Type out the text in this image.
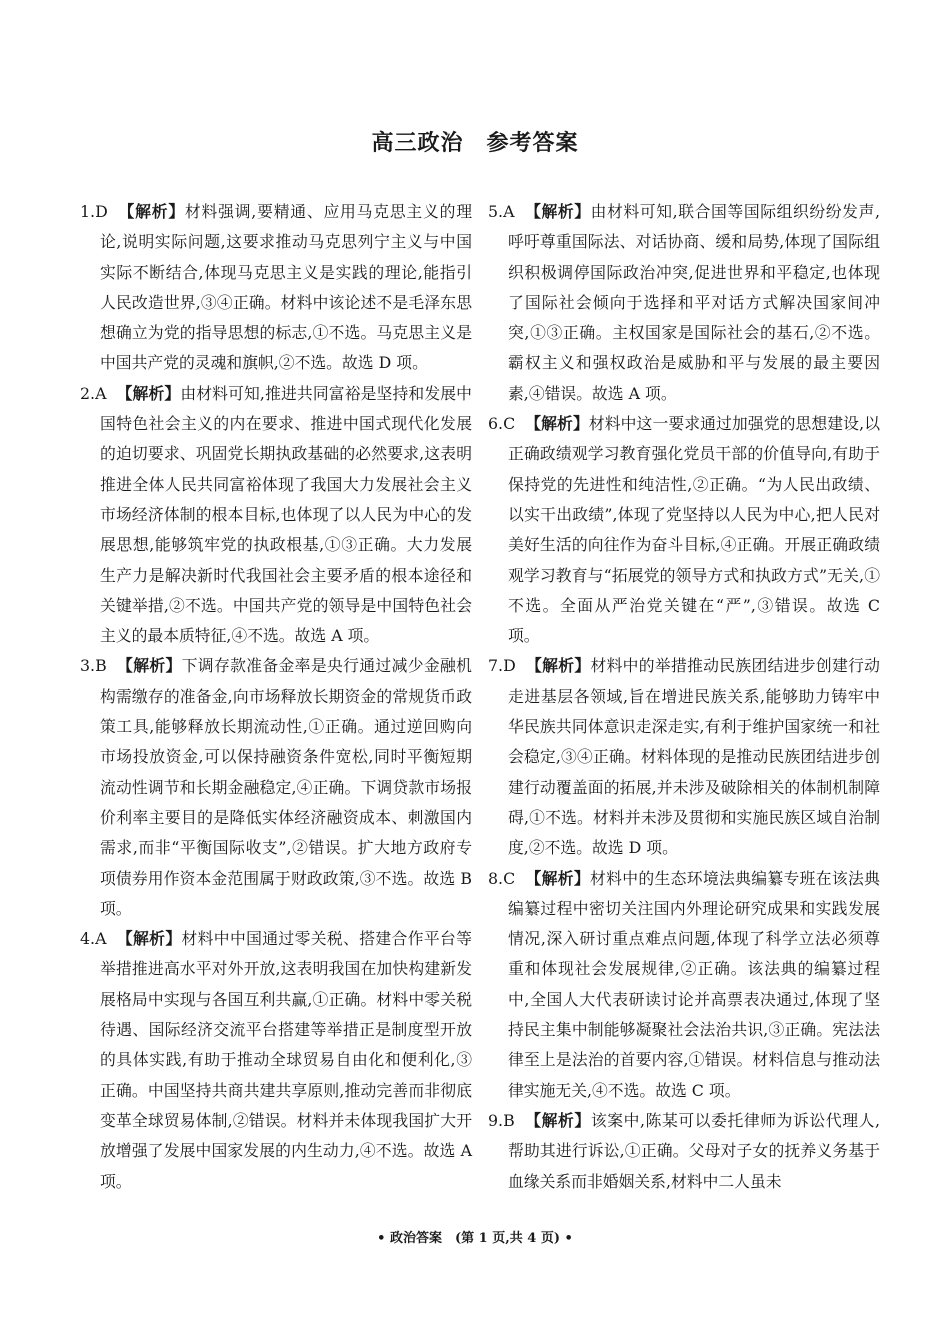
高三政治　参考答案

1.D 【解析】材料强调,要精通、应用马克思主义的理论,说明实际问题,这要求推动马克思列宁主义与中国实际不断结合,体现马克思主义是实践的理论,能指引人民改造世界,③④正确。材料中该论述不是毛泽东思想确立为党的指导思想的标志,①不选。马克思主义是中国共产党的灵魂和旗帜,②不选。故选 D 项。

2.A 【解析】由材料可知,推进共同富裕是坚持和发展中国特色社会主义的内在要求、推进中国式现代化发展的迫切要求、巩固党长期执政基础的必然要求,这表明推进全体人民共同富裕体现了我国大力发展社会主义市场经济体制的根本目标,也体现了以人民为中心的发展思想,能够筑牢党的执政根基,①③正确。大力发展生产力是解决新时代我国社会主要矛盾的根本途径和关键举措,②不选。中国共产党的领导是中国特色社会主义的最本质特征,④不选。故选 A 项。

3.B 【解析】下调存款准备金率是央行通过减少金融机构需缴存的准备金,向市场释放长期资金的常规货币政策工具,能够释放长期流动性,①正确。通过逆回购向市场投放资金,可以保持融资条件宽松,同时平衡短期流动性调节和长期金融稳定,④正确。下调贷款市场报价利率主要目的是降低实体经济融资成本、刺激国内需求,而非“平衡国际收支”,②错误。扩大地方政府专项债券用作资本金范围属于财政政策,③不选。故选 B 项。

4.A 【解析】材料中中国通过零关税、搭建合作平台等举措推进高水平对外开放,这表明我国在加快构建新发展格局中实现与各国互利共赢,①正确。材料中零关税待遇、国际经济交流平台搭建等举措正是制度型开放的具体实践,有助于推动全球贸易自由化和便利化,③正确。中国坚持共商共建共享原则,推动完善而非彻底变革全球贸易体制,②错误。材料并未体现我国扩大开放增强了发展中国家发展的内生动力,④不选。故选 A 项。

5.A 【解析】由材料可知,联合国等国际组织纷纷发声,呼吁尊重国际法、对话协商、缓和局势,体现了国际组织积极调停国际政治冲突,促进世界和平稳定,也体现了国际社会倾向于选择和平对话方式解决国家间冲突,①③正确。主权国家是国际社会的基石,②不选。霸权主义和强权政治是威胁和平与发展的最主要因素,④错误。故选 A 项。

6.C 【解析】材料中这一要求通过加强党的思想建设,以正确政绩观学习教育强化党员干部的价值导向,有助于保持党的先进性和纯洁性,②正确。“为人民出政绩、以实干出政绩”,体现了党坚持以人民为中心,把人民对美好生活的向往作为奋斗目标,④正确。开展正确政绩观学习教育与“拓展党的领导方式和执政方式”无关,①不选。全面从严治党关键在“严”,③错误。故选 C 项。

7.D 【解析】材料中的举措推动民族团结进步创建行动走进基层各领域,旨在增进民族关系,能够助力铸牢中华民族共同体意识走深走实,有利于维护国家统一和社会稳定,③④正确。材料体现的是推动民族团结进步创建行动覆盖面的拓展,并未涉及破除相关的体制机制障碍,①不选。材料并未涉及贯彻和实施民族区域自治制度,②不选。故选 D 项。

8.C 【解析】材料中的生态环境法典编纂专班在该法典编纂过程中密切关注国内外理论研究成果和实践发展情况,深入研讨重点难点问题,体现了科学立法必须尊重和体现社会发展规律,②正确。该法典的编纂过程中,全国人大代表研读讨论并高票表决通过,体现了坚持民主集中制能够凝聚社会法治共识,③正确。宪法法律至上是法治的首要内容,①错误。材料信息与推动法律实施无关,④不选。故选 C 项。

9.B 【解析】该案中,陈某可以委托律师为诉讼代理人,帮助其进行诉讼,①正确。父母对子女的抚养义务基于血缘关系而非婚姻关系,材料中二人虽未

• 政治答案　(第 1 页,共 4 页) •
